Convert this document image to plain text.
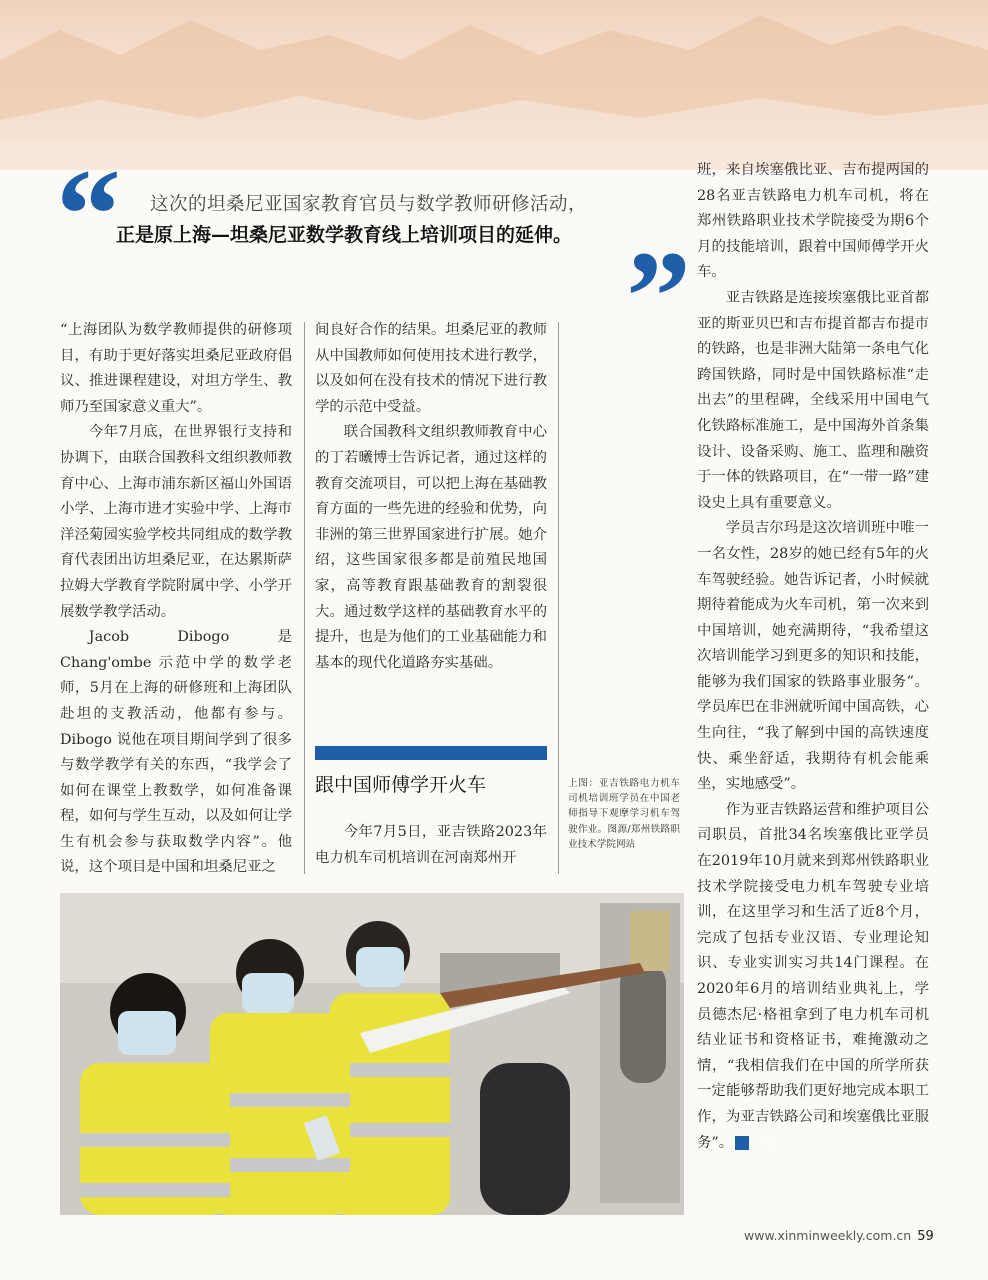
“ 这次的坦桑尼亚国家教育官员与数学教师研修活动，
正是原上海—坦桑尼亚数学教育线上培训项目的延伸。 ”

“上海团队为数学教师提供的研修项目，有助于更好落实坦桑尼亚政府倡议、推进课程建设，对坦方学生、教师乃至国家意义重大”。

今年7月底，在世界银行支持和协调下，由联合国教科文组织教师教育中心、上海市浦东新区福山外国语小学、上海市进才实验中学、上海市洋泾菊园实验学校共同组成的数学教育代表团出访坦桑尼亚，在达累斯萨拉姆大学教育学院附属中学、小学开展数学教学活动。

Jacob Dibogo 是 Chang'ombe 示范中学的数学老师，5月在上海的研修班和上海团队赴坦的支教活动，他都有参与。Dibogo 说他在项目期间学到了很多与数学教学有关的东西，“我学会了如何在课堂上教数学，如何准备课程，如何与学生互动，以及如何让学生有机会参与获取数学内容”。他说，这个项目是中国和坦桑尼亚之

间良好合作的结果。坦桑尼亚的教师从中国教师如何使用技术进行教学，以及如何在没有技术的情况下进行教学的示范中受益。

联合国教科文组织教师教育中心的丁若曦博士告诉记者，通过这样的教育交流项目，可以把上海在基础教育方面的一些先进的经验和优势，向非洲的第三世界国家进行扩展。她介绍，这些国家很多都是前殖民地国家，高等教育跟基础教育的割裂很大。通过数学这样的基础教育水平的提升，也是为他们的工业基础能力和基本的现代化道路夯实基础。

跟中国师傅学开火车

今年7月5日，亚吉铁路2023年电力机车司机培训在河南郑州开

上图：亚吉铁路电力机车司机培训班学员在中国老师指导下观摩学习机车驾驶作业。图源/郑州铁路职业技术学院网站

班，来自埃塞俄比亚、吉布提两国的28名亚吉铁路电力机车司机，将在郑州铁路职业技术学院接受为期6个月的技能培训，跟着中国师傅学开火车。

亚吉铁路是连接埃塞俄比亚首都亚的斯亚贝巴和吉布提首都吉布提市的铁路，也是非洲大陆第一条电气化跨国铁路，同时是中国铁路标准“走出去”的里程碑，全线采用中国电气化铁路标准施工，是中国海外首条集设计、设备采购、施工、监理和融资于一体的铁路项目，在“一带一路”建设史上具有重要意义。

学员吉尔玛是这次培训班中唯一一名女性，28岁的她已经有5年的火车驾驶经验。她告诉记者，小时候就期待着能成为火车司机，第一次来到中国培训，她充满期待，“我希望这次培训能学习到更多的知识和技能，能够为我们国家的铁路事业服务”。学员库巴在非洲就听闻中国高铁，心生向往，“我了解到中国的高铁速度快、乘坐舒适，我期待有机会能乘坐，实地感受”。

作为亚吉铁路运营和维护项目公司职员，首批34名埃塞俄比亚学员在2019年10月就来到郑州铁路职业技术学院接受电力机车驾驶专业培训，在这里学习和生活了近8个月，完成了包括专业汉语、专业理论知识、专业实训实习共14门课程。在2020年6月的培训结业典礼上，学员德杰尼·格祖拿到了电力机车司机结业证书和资格证书，难掩激动之情，“我相信我们在中国的所学所获一定能够帮助我们更好地完成本职工作，为亚吉铁路公司和埃塞俄比亚服务”。	民

www.xinminweekly.com.cn 59
